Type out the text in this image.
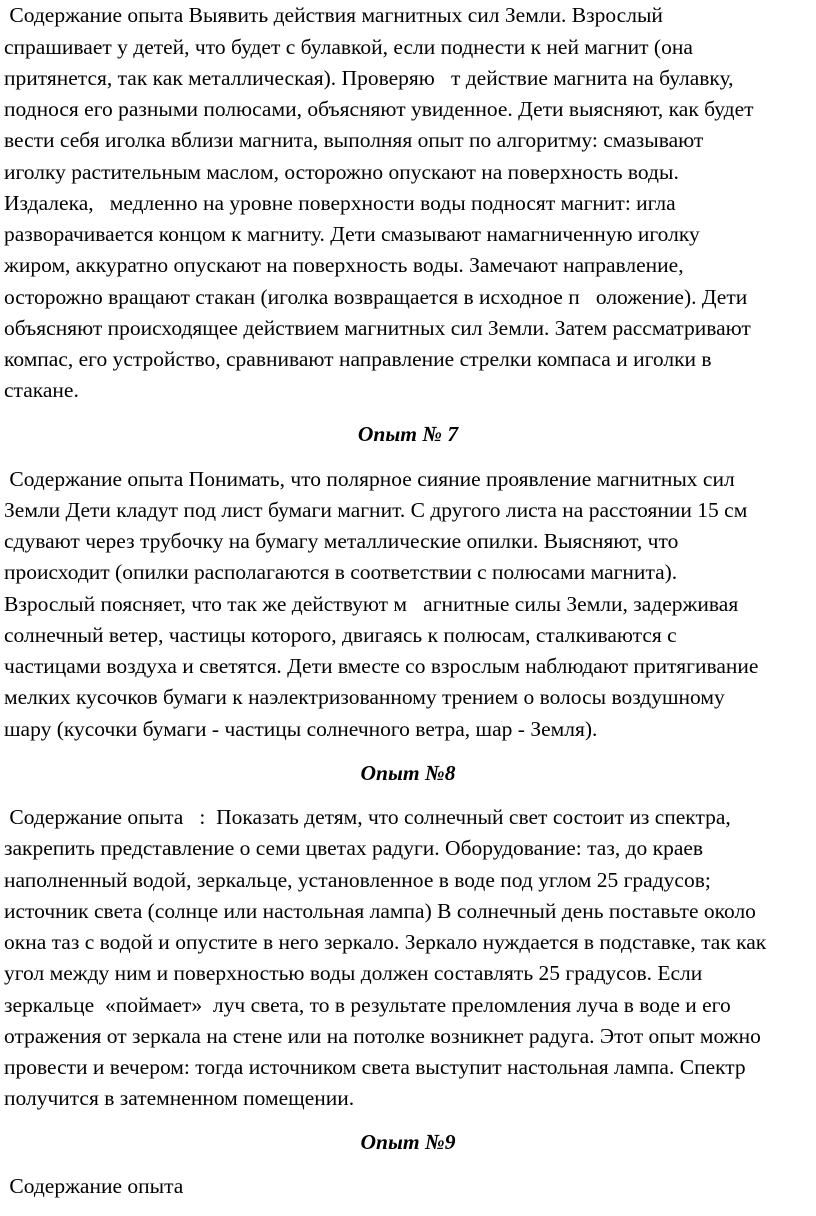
Содержание опыта Выявить действия магнитных сил Земли. Взрослый
спрашивает у детей, что будет с булавкой, если поднести к ней магнит (она
притянется, так как металлическая). Проверяю   т действие магнита на булавку,
поднося его разными полюсами, объясняют увиденное. Дети выясняют, как будет
вести себя иголка вблизи магнита, выполняя опыт по алгоритму: смазывают
иголку растительным маслом, осторожно опускают на поверхность воды.
Издалека,   медленно на уровне поверхности воды подносят магнит: игла
разворачивается концом к магниту. Дети смазывают намагниченную иголку
жиром, аккуратно опускают на поверхность воды. Замечают направление,
осторожно вращают стакан (иголка возвращается в исходное п   оложение). Дети
объясняют происходящее действием магнитных сил Земли. Затем рассматривают
компас, его устройство, сравнивают направление стрелки компаса и иголки в
стакане.
Опыт № 7
Содержание опыта Понимать, что полярное сияние проявление магнитных сил
Земли Дети кладут под лист бумаги магнит. С другого листа на расстоянии 15 см
сдувают через трубочку на бумагу металлические опилки. Выясняют, что
происходит (опилки располагаются в соответствии с полюсами магнита).
Взрослый поясняет, что так же действуют м   агнитные силы Земли, задерживая
солнечный ветер, частицы которого, двигаясь к полюсам, сталкиваются с
частицами воздуха и светятся. Дети вместе со взрослым наблюдают притягивание
мелких кусочков бумаги к наэлектризованному трением о волосы воздушному
шару (кусочки бумаги - частицы солнечного ветра, шар - Земля).
Опыт №8
Содержание опыта   :  Показать детям, что солнечный свет состоит из спектра,
закрепить представление о семи цветах радуги. Оборудование: таз, до краев
наполненный водой, зеркальце, установленное в воде под углом 25 градусов;
источник света (солнце или настольная лампа) В солнечный день поставьте около
окна таз с водой и опустите в него зеркало. Зеркало нуждается в подставке, так как
угол между ним и поверхностью воды должен составлять 25 градусов. Если
зеркальце  «поймает»  луч света, то в результате преломления луча в воде и его
отражения от зеркала на стене или на потолке возникнет радуга. Этот опыт можно
провести и вечером: тогда источником света выступит настольная лампа. Спектр
получится в затемненном помещении.
Опыт №9
Содержание опыта
